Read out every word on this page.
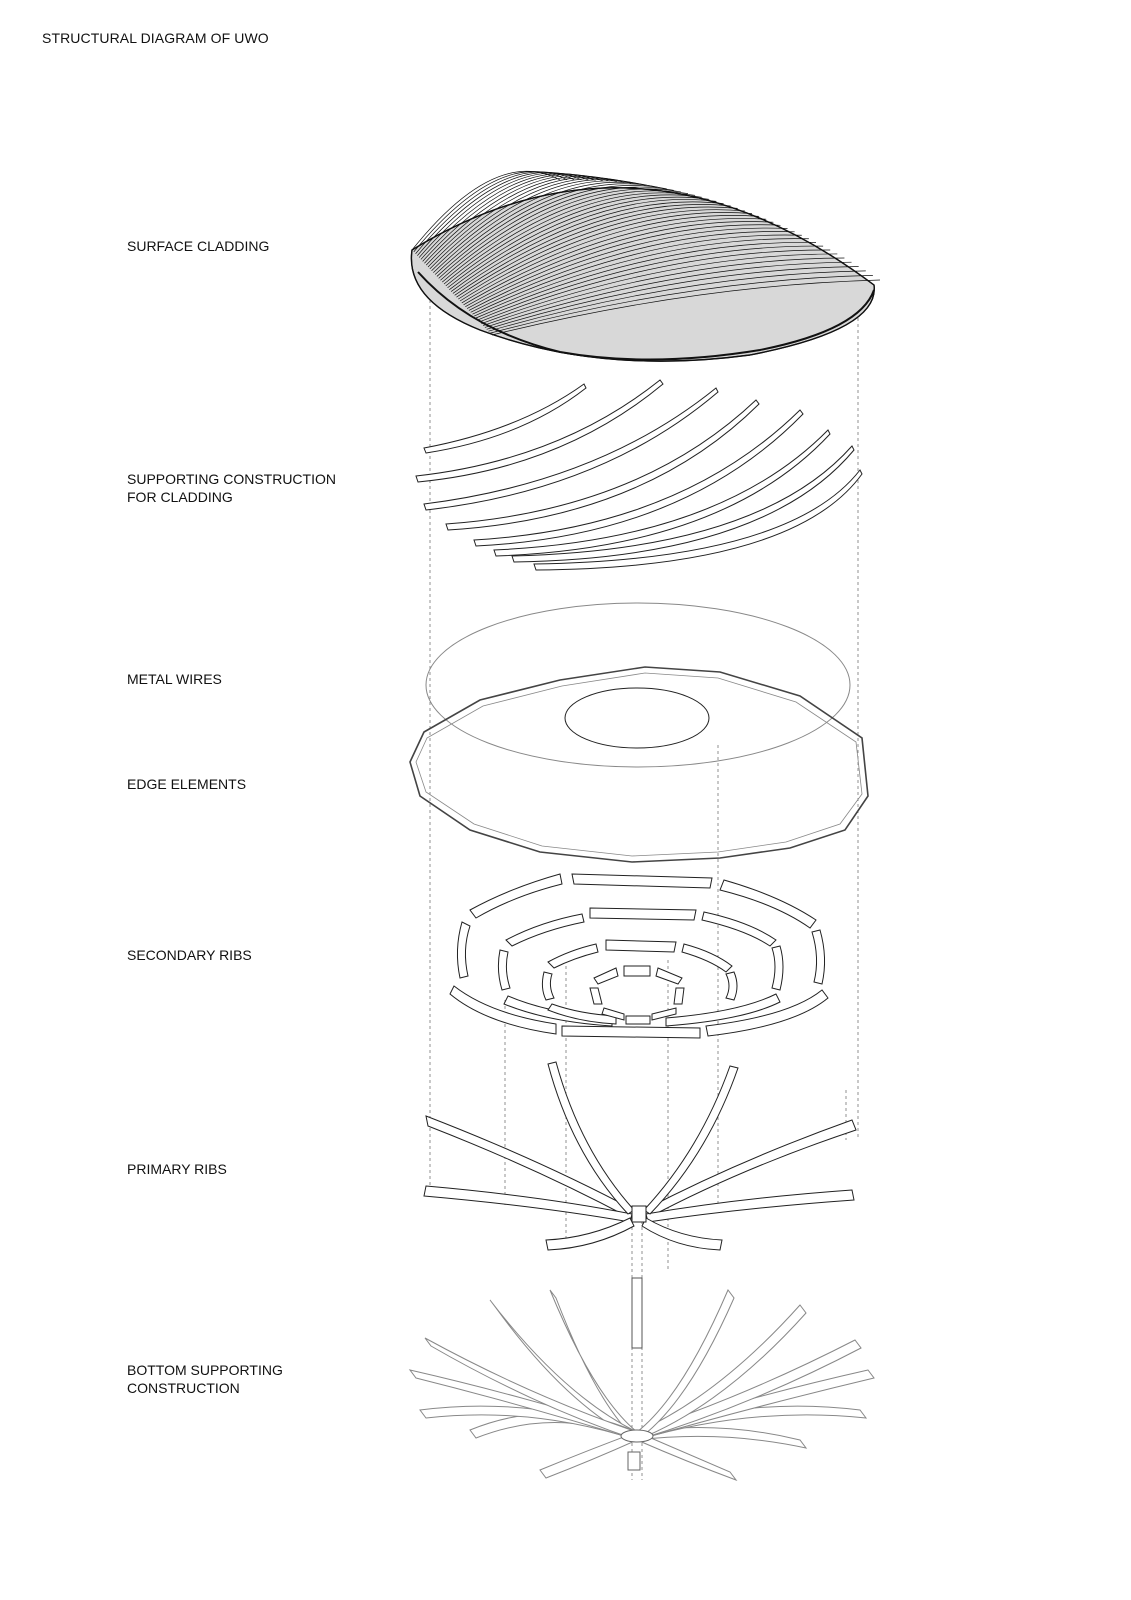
STRUCTURAL DIAGRAM OF UWO
SURFACE CLADDING
SUPPORTING CONSTRUCTION
FOR CLADDING
METAL WIRES
EDGE ELEMENTS
SECONDARY RIBS
PRIMARY RIBS
BOTTOM SUPPORTING
CONSTRUCTION
